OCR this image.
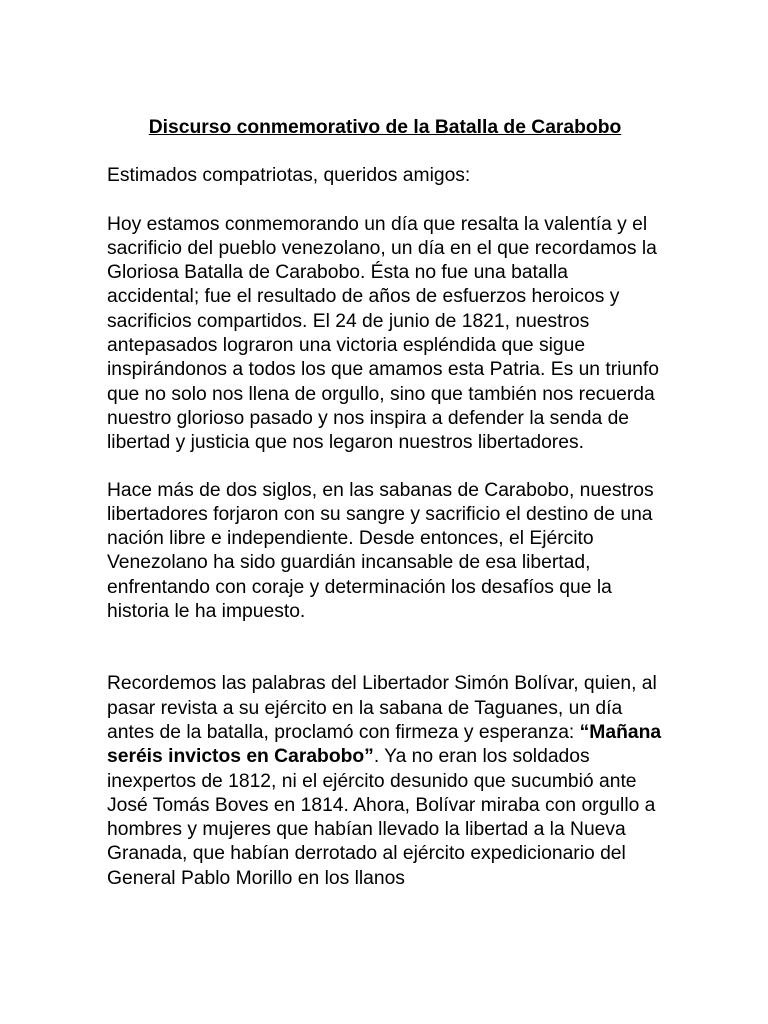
Discurso conmemorativo de la Batalla de Carabobo

Estimados compatriotas, queridos amigos:

Hoy estamos conmemorando un día que resalta la valentía y el sacrificio del pueblo venezolano, un día en el que recordamos la Gloriosa Batalla de Carabobo. Ésta no fue una batalla accidental; fue el resultado de años de esfuerzos heroicos y sacrificios compartidos. El 24 de junio de 1821, nuestros antepasados lograron una victoria espléndida que sigue inspirándonos a todos los que amamos esta Patria. Es un triunfo que no solo nos llena de orgullo, sino que también nos recuerda nuestro glorioso pasado y nos inspira a defender la senda de libertad y justicia que nos legaron nuestros libertadores.

Hace más de dos siglos, en las sabanas de Carabobo, nuestros libertadores forjaron con su sangre y sacrificio el destino de una nación libre e independiente. Desde entonces, el Ejército Venezolano ha sido guardián incansable de esa libertad, enfrentando con coraje y determinación los desafíos que la historia le ha impuesto.

Recordemos las palabras del Libertador Simón Bolívar, quien, al pasar revista a su ejército en la sabana de Taguanes, un día antes de la batalla, proclamó con firmeza y esperanza: “Mañana seréis invictos en Carabobo”. Ya no eran los soldados inexpertos de 1812, ni el ejército desunido que sucumbió ante José Tomás Boves en 1814. Ahora, Bolívar miraba con orgullo a hombres y mujeres que habían llevado la libertad a la Nueva Granada, que habían derrotado al ejército expedicionario del General Pablo Morillo en los llanos
